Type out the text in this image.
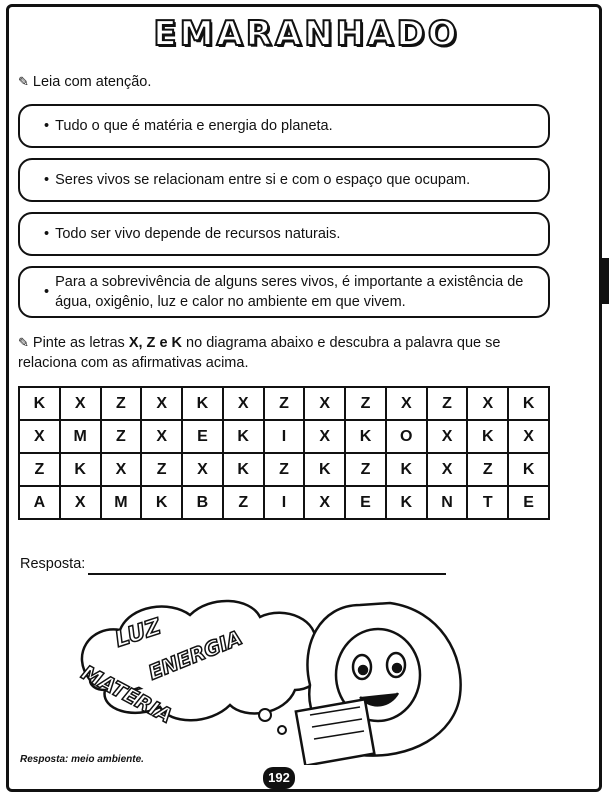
EMARANHADO
✎ Leia com atenção.
• Tudo o que é matéria e energia do planeta.
• Seres vivos se relacionam entre si e com o espaço que ocupam.
• Todo ser vivo depende de recursos naturais.
•
Para a sobrevivência de alguns seres vivos, é importante a existência de água, oxigênio, luz e calor no ambiente em que vivem.
✎ Pinte as letras X, Z e K no diagrama abaixo e descubra a palavra que se relaciona com as afirmativas acima.
K	X	Z	X	K	X	Z	X	Z	X	Z	X	K
X	M	Z	X	E	K	I	X	K	O	X	K	X
Z	K	X	Z	X	K	Z	K	Z	K	X	Z	K
A	X	M	K	B	Z	I	X	E	K	N	T	E
Resposta:
LUZ
ENERGIA
MATÉRIA
Resposta: meio ambiente.
192
